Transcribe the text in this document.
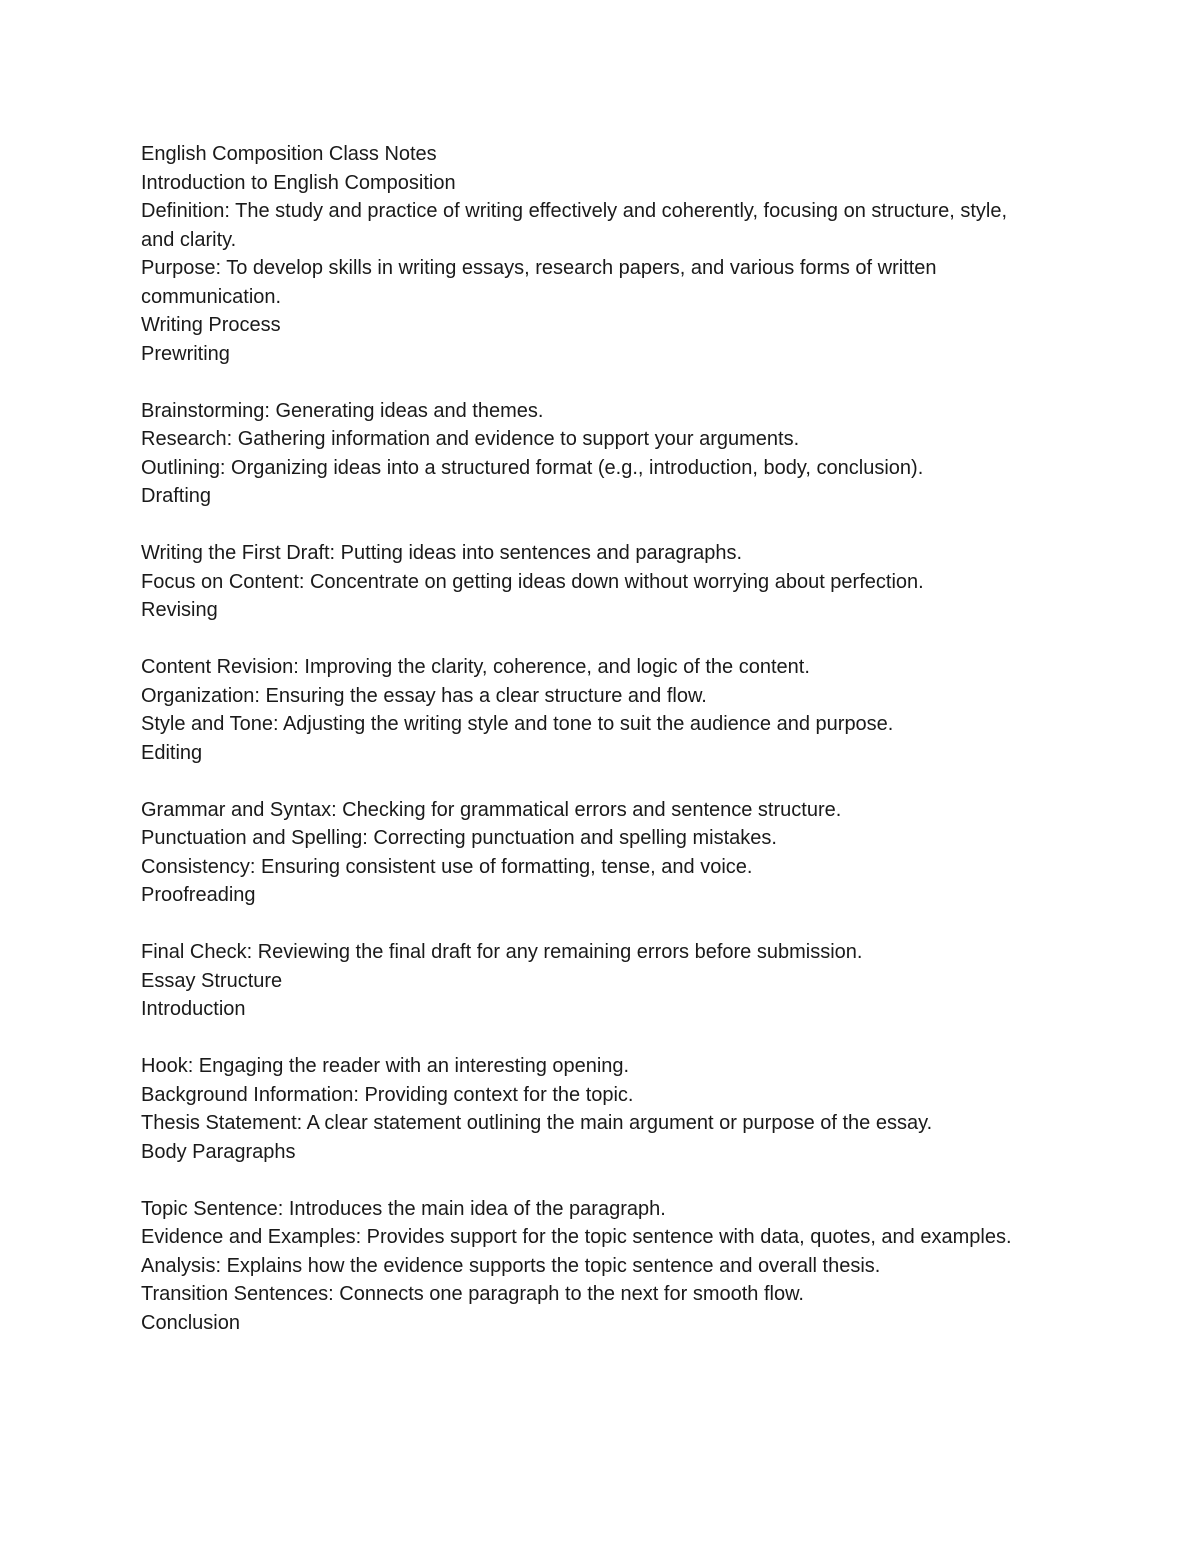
English Composition Class Notes
Introduction to English Composition
Definition: The study and practice of writing effectively and coherently, focusing on structure, style, and clarity.
Purpose: To develop skills in writing essays, research papers, and various forms of written communication.
Writing Process
Prewriting
Brainstorming: Generating ideas and themes.
Research: Gathering information and evidence to support your arguments.
Outlining: Organizing ideas into a structured format (e.g., introduction, body, conclusion).
Drafting
Writing the First Draft: Putting ideas into sentences and paragraphs.
Focus on Content: Concentrate on getting ideas down without worrying about perfection.
Revising
Content Revision: Improving the clarity, coherence, and logic of the content.
Organization: Ensuring the essay has a clear structure and flow.
Style and Tone: Adjusting the writing style and tone to suit the audience and purpose.
Editing
Grammar and Syntax: Checking for grammatical errors and sentence structure.
Punctuation and Spelling: Correcting punctuation and spelling mistakes.
Consistency: Ensuring consistent use of formatting, tense, and voice.
Proofreading
Final Check: Reviewing the final draft for any remaining errors before submission.
Essay Structure
Introduction
Hook: Engaging the reader with an interesting opening.
Background Information: Providing context for the topic.
Thesis Statement: A clear statement outlining the main argument or purpose of the essay.
Body Paragraphs
Topic Sentence: Introduces the main idea of the paragraph.
Evidence and Examples: Provides support for the topic sentence with data, quotes, and examples.
Analysis: Explains how the evidence supports the topic sentence and overall thesis.
Transition Sentences: Connects one paragraph to the next for smooth flow.
Conclusion
